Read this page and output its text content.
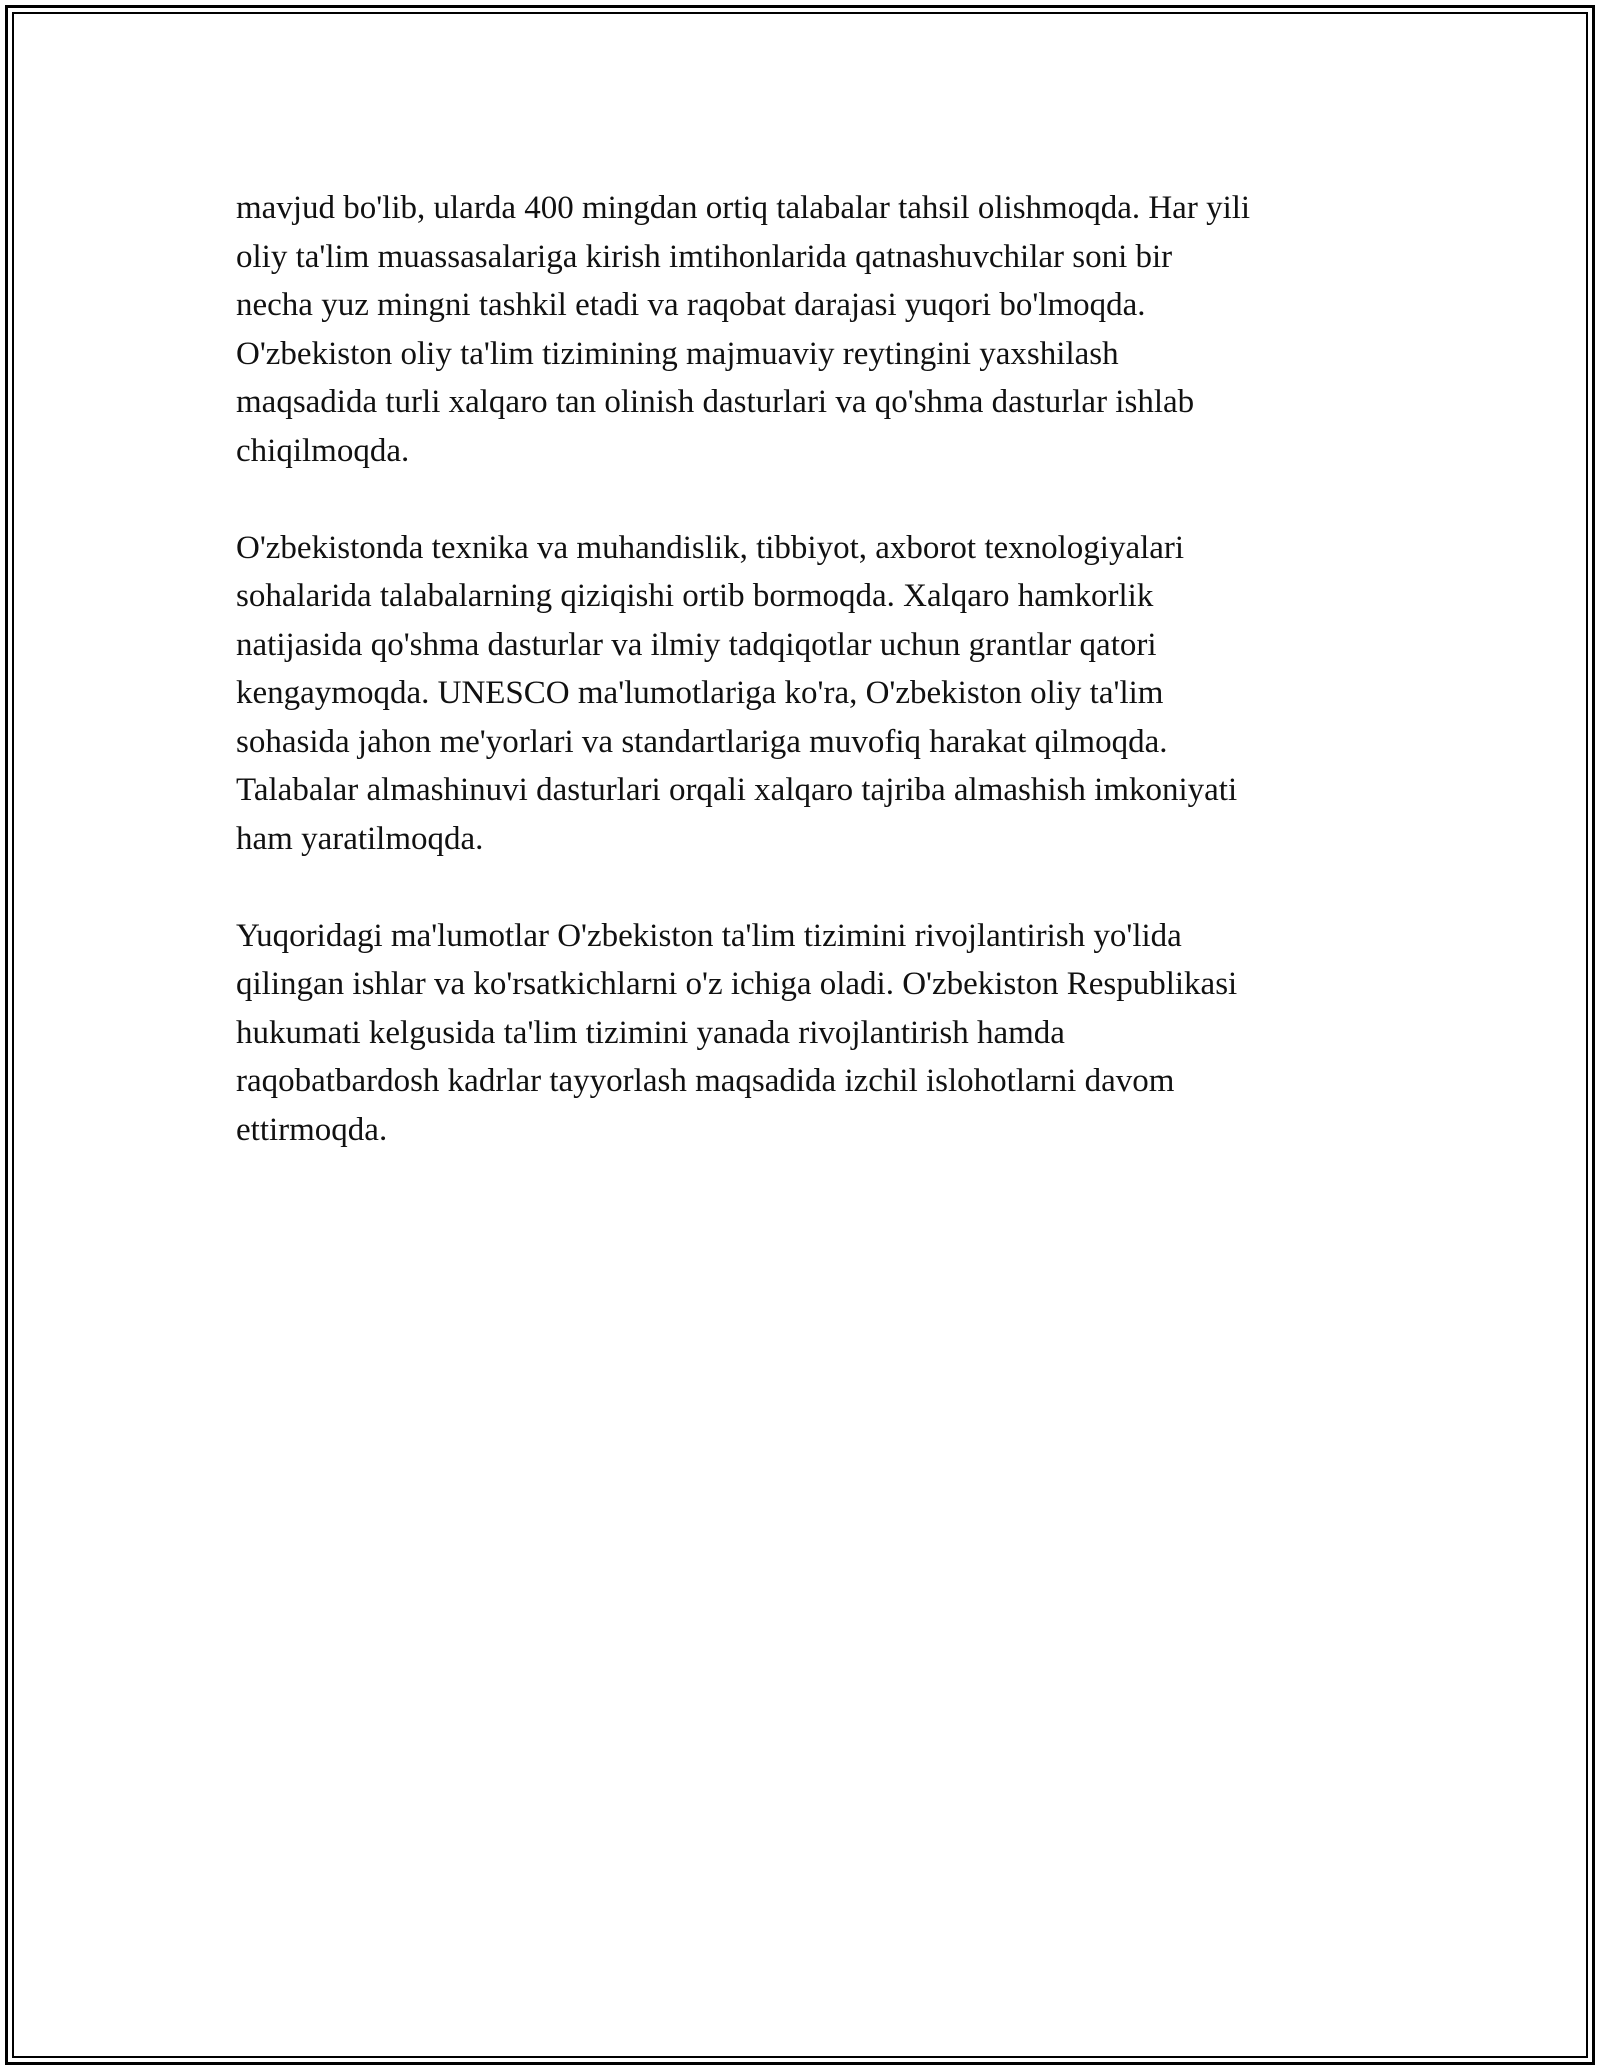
mavjud bo'lib, ularda 400 mingdan ortiq talabalar tahsil olishmoqda. Har yili
oliy ta'lim muassasalariga kirish imtihonlarida qatnashuvchilar soni bir
necha yuz mingni tashkil etadi va raqobat darajasi yuqori bo'lmoqda.
O'zbekiston oliy ta'lim tizimining majmuaviy reytingini yaxshilash
maqsadida turli xalqaro tan olinish dasturlari va qo'shma dasturlar ishlab
chiqilmoqda.

O'zbekistonda texnika va muhandislik, tibbiyot, axborot texnologiyalari
sohalarida talabalarning qiziqishi ortib bormoqda. Xalqaro hamkorlik
natijasida qo'shma dasturlar va ilmiy tadqiqotlar uchun grantlar qatori
kengaymoqda. UNESCO ma'lumotlariga ko'ra, O'zbekiston oliy ta'lim
sohasida jahon me'yorlari va standartlariga muvofiq harakat qilmoqda.
Talabalar almashinuvi dasturlari orqali xalqaro tajriba almashish imkoniyati
ham yaratilmoqda.

Yuqoridagi ma'lumotlar O'zbekiston ta'lim tizimini rivojlantirish yo'lida
qilingan ishlar va ko'rsatkichlarni o'z ichiga oladi. O'zbekiston Respublikasi
hukumati kelgusida ta'lim tizimini yanada rivojlantirish hamda
raqobatbardosh kadrlar tayyorlash maqsadida izchil islohotlarni davom
ettirmoqda.
